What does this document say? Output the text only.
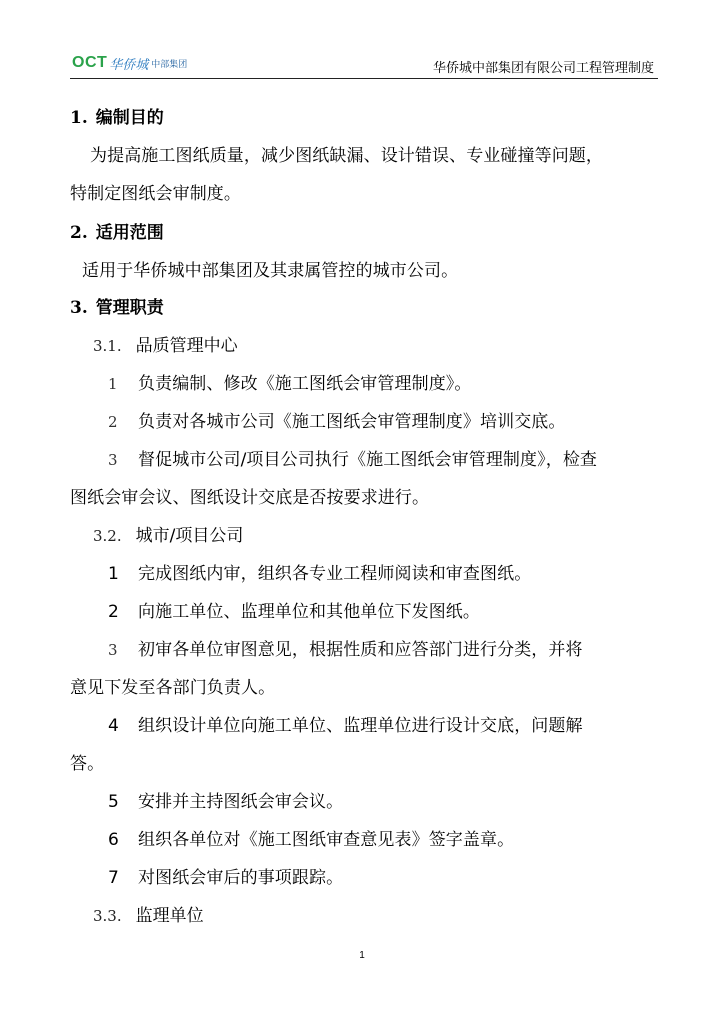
OCT 华侨城 中部集团	华侨城中部集团有限公司工程管理制度
1. 编制目的
为提高施工图纸质量，减少图纸缺漏、设计错误、专业碰撞等问题，
特制定图纸会审制度。
2. 适用范围
适用于华侨城中部集团及其隶属管控的城市公司。
3. 管理职责
3.1. 品质管理中心
1 负责编制、修改《施工图纸会审管理制度》。
2 负责对各城市公司《施工图纸会审管理制度》培训交底。
3 督促城市公司/项目公司执行《施工图纸会审管理制度》，检查
图纸会审会议、图纸设计交底是否按要求进行。
3.2. 城市/项目公司
1 完成图纸内审，组织各专业工程师阅读和审查图纸。
2 向施工单位、监理单位和其他单位下发图纸。
3 初审各单位审图意见，根据性质和应答部门进行分类，并将
意见下发至各部门负责人。
4 组织设计单位向施工单位、监理单位进行设计交底，问题解
答。
5 安排并主持图纸会审会议。
6 组织各单位对《施工图纸审查意见表》签字盖章。
7 对图纸会审后的事项跟踪。
3.3. 监理单位
1
